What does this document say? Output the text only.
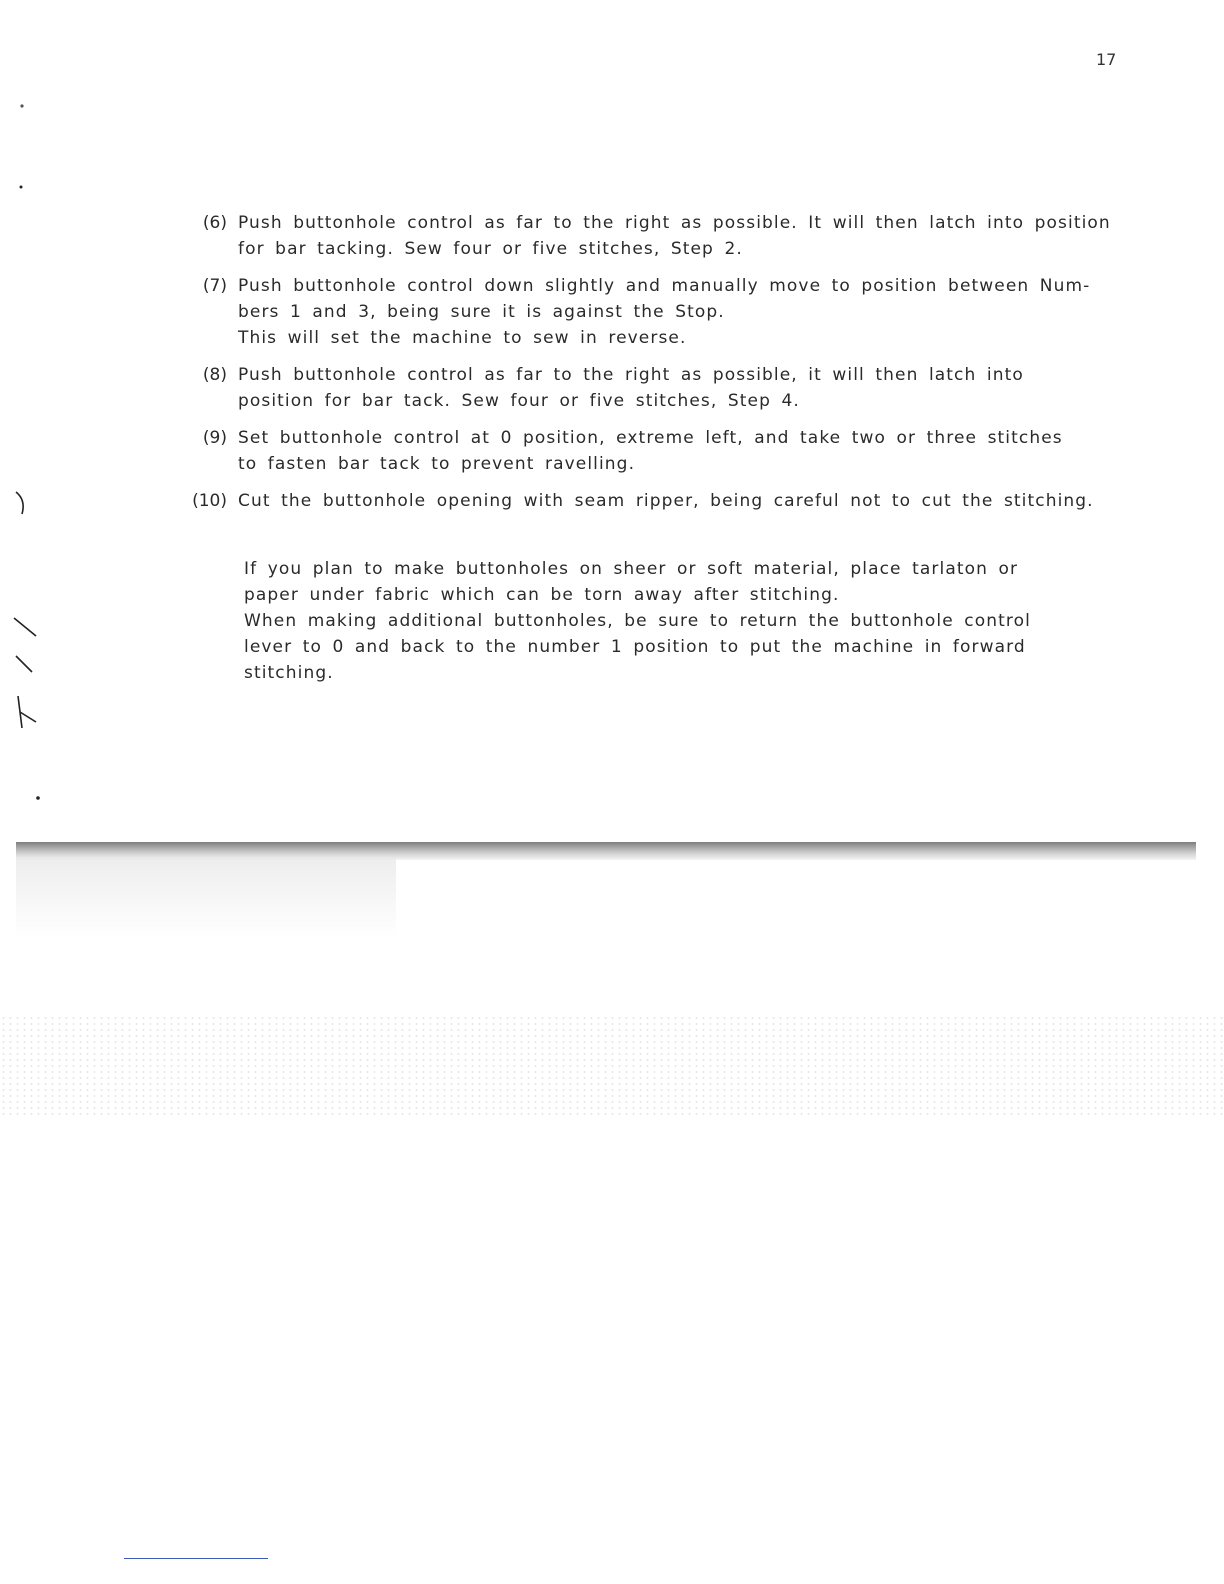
17
(6) Push buttonhole control as far to the right as possible. It will then latch into position
for bar tacking. Sew four or five stitches, Step 2.
(7) Push buttonhole control down slightly and manually move to position between Num-
bers 1 and 3, being sure it is against the Stop.
This will set the machine to sew in reverse.
(8) Push buttonhole control as far to the right as possible, it will then latch into
position for bar tack. Sew four or five stitches, Step 4.
(9) Set buttonhole control at 0 position, extreme left, and take two or three stitches
to fasten bar tack to prevent ravelling.
(10) Cut the buttonhole opening with seam ripper, being careful not to cut the stitching.
If you plan to make buttonholes on sheer or soft material, place tarlaton or
paper under fabric which can be torn away after stitching.
When making additional buttonholes, be sure to return the buttonhole control
lever to 0 and back to the number 1 position to put the machine in forward
stitching.
